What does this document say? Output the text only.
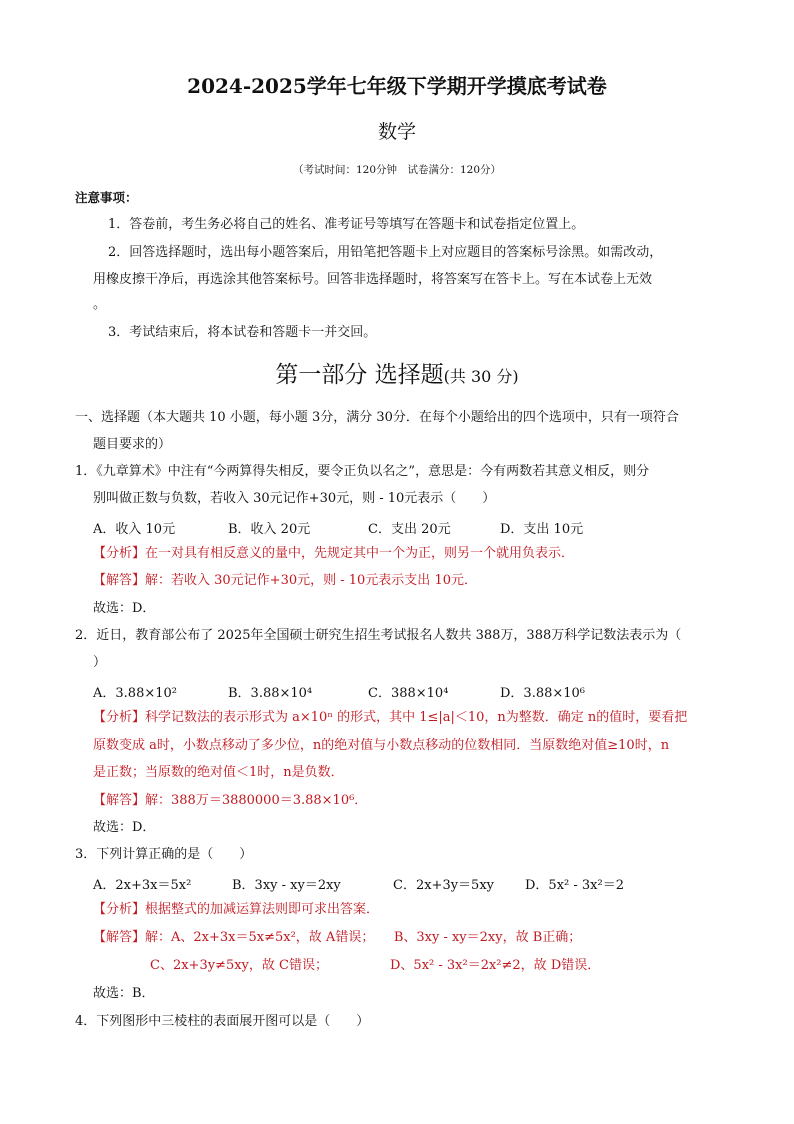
2024-2025学年七年级下学期开学摸底考试卷
数学
（考试时间：120分钟　试卷满分：120分）
注意事项：
1．答卷前，考生务必将自己的姓名、准考证号等填写在答题卡和试卷指定位置上。
2．回答选择题时，选出每小题答案后，用铅笔把答题卡上对应题目的答案标号涂黑。如需改动，
用橡皮擦干净后，再选涂其他答案标号。回答非选择题时，将答案写在答卡上。写在本试卷上无效
。
3．考试结束后，将本试卷和答题卡一并交回。
第一部分 选择题(共 30 分)
一、选择题（本大题共 10 小题，每小题 3分，满分 30分．在每个小题给出的四个选项中，只有一项符合
题目要求的）
1．《九章算术》中注有“今两算得失相反，要令正负以名之”，意思是：今有两数若其意义相反，则分
别叫做正数与负数，若收入 30元记作+30元，则 - 10元表示（　　）
A．收入 10元	B．收入 20元	C．支出 20元	D．支出 10元
【分析】在一对具有相反意义的量中，先规定其中一个为正，则另一个就用负表示．
【解答】解：若收入 30元记作+30元，则 - 10元表示支出 10元．
故选：D．
2．近日，教育部公布了 2025年全国硕士研究生招生考试报名人数共 388万，388万科学记数法表示为（
）
A．3.88×10²	B．3.88×10⁴	C．388×10⁴	D．3.88×10⁶
【分析】科学记数法的表示形式为 a×10ⁿ 的形式，其中 1≤|a|＜10，n为整数．确定 n的值时，要看把
原数变成 a时，小数点移动了多少位，n的绝对值与小数点移动的位数相同．当原数绝对值≥10时，n
是正数；当原数的绝对值＜1时，n是负数．
【解答】解：388万＝3880000＝3.88×10⁶．
故选：D．
3．下列计算正确的是（　　）
A．2x+3x＝5x²	B．3xy - xy＝2xy	C．2x+3y＝5xy D．5x² - 3x²＝2
【分析】根据整式的加减运算法则即可求出答案．
【解答】解：A、2x+3x＝5x≠5x²，故 A错误；　　B、3xy - xy＝2xy，故 B正确；
C、2x+3y≠5xy，故 C错误；	D、5x² - 3x²＝2x²≠2，故 D错误．
故选：B．
4．下列图形中三棱柱的表面展开图可以是（　　）
